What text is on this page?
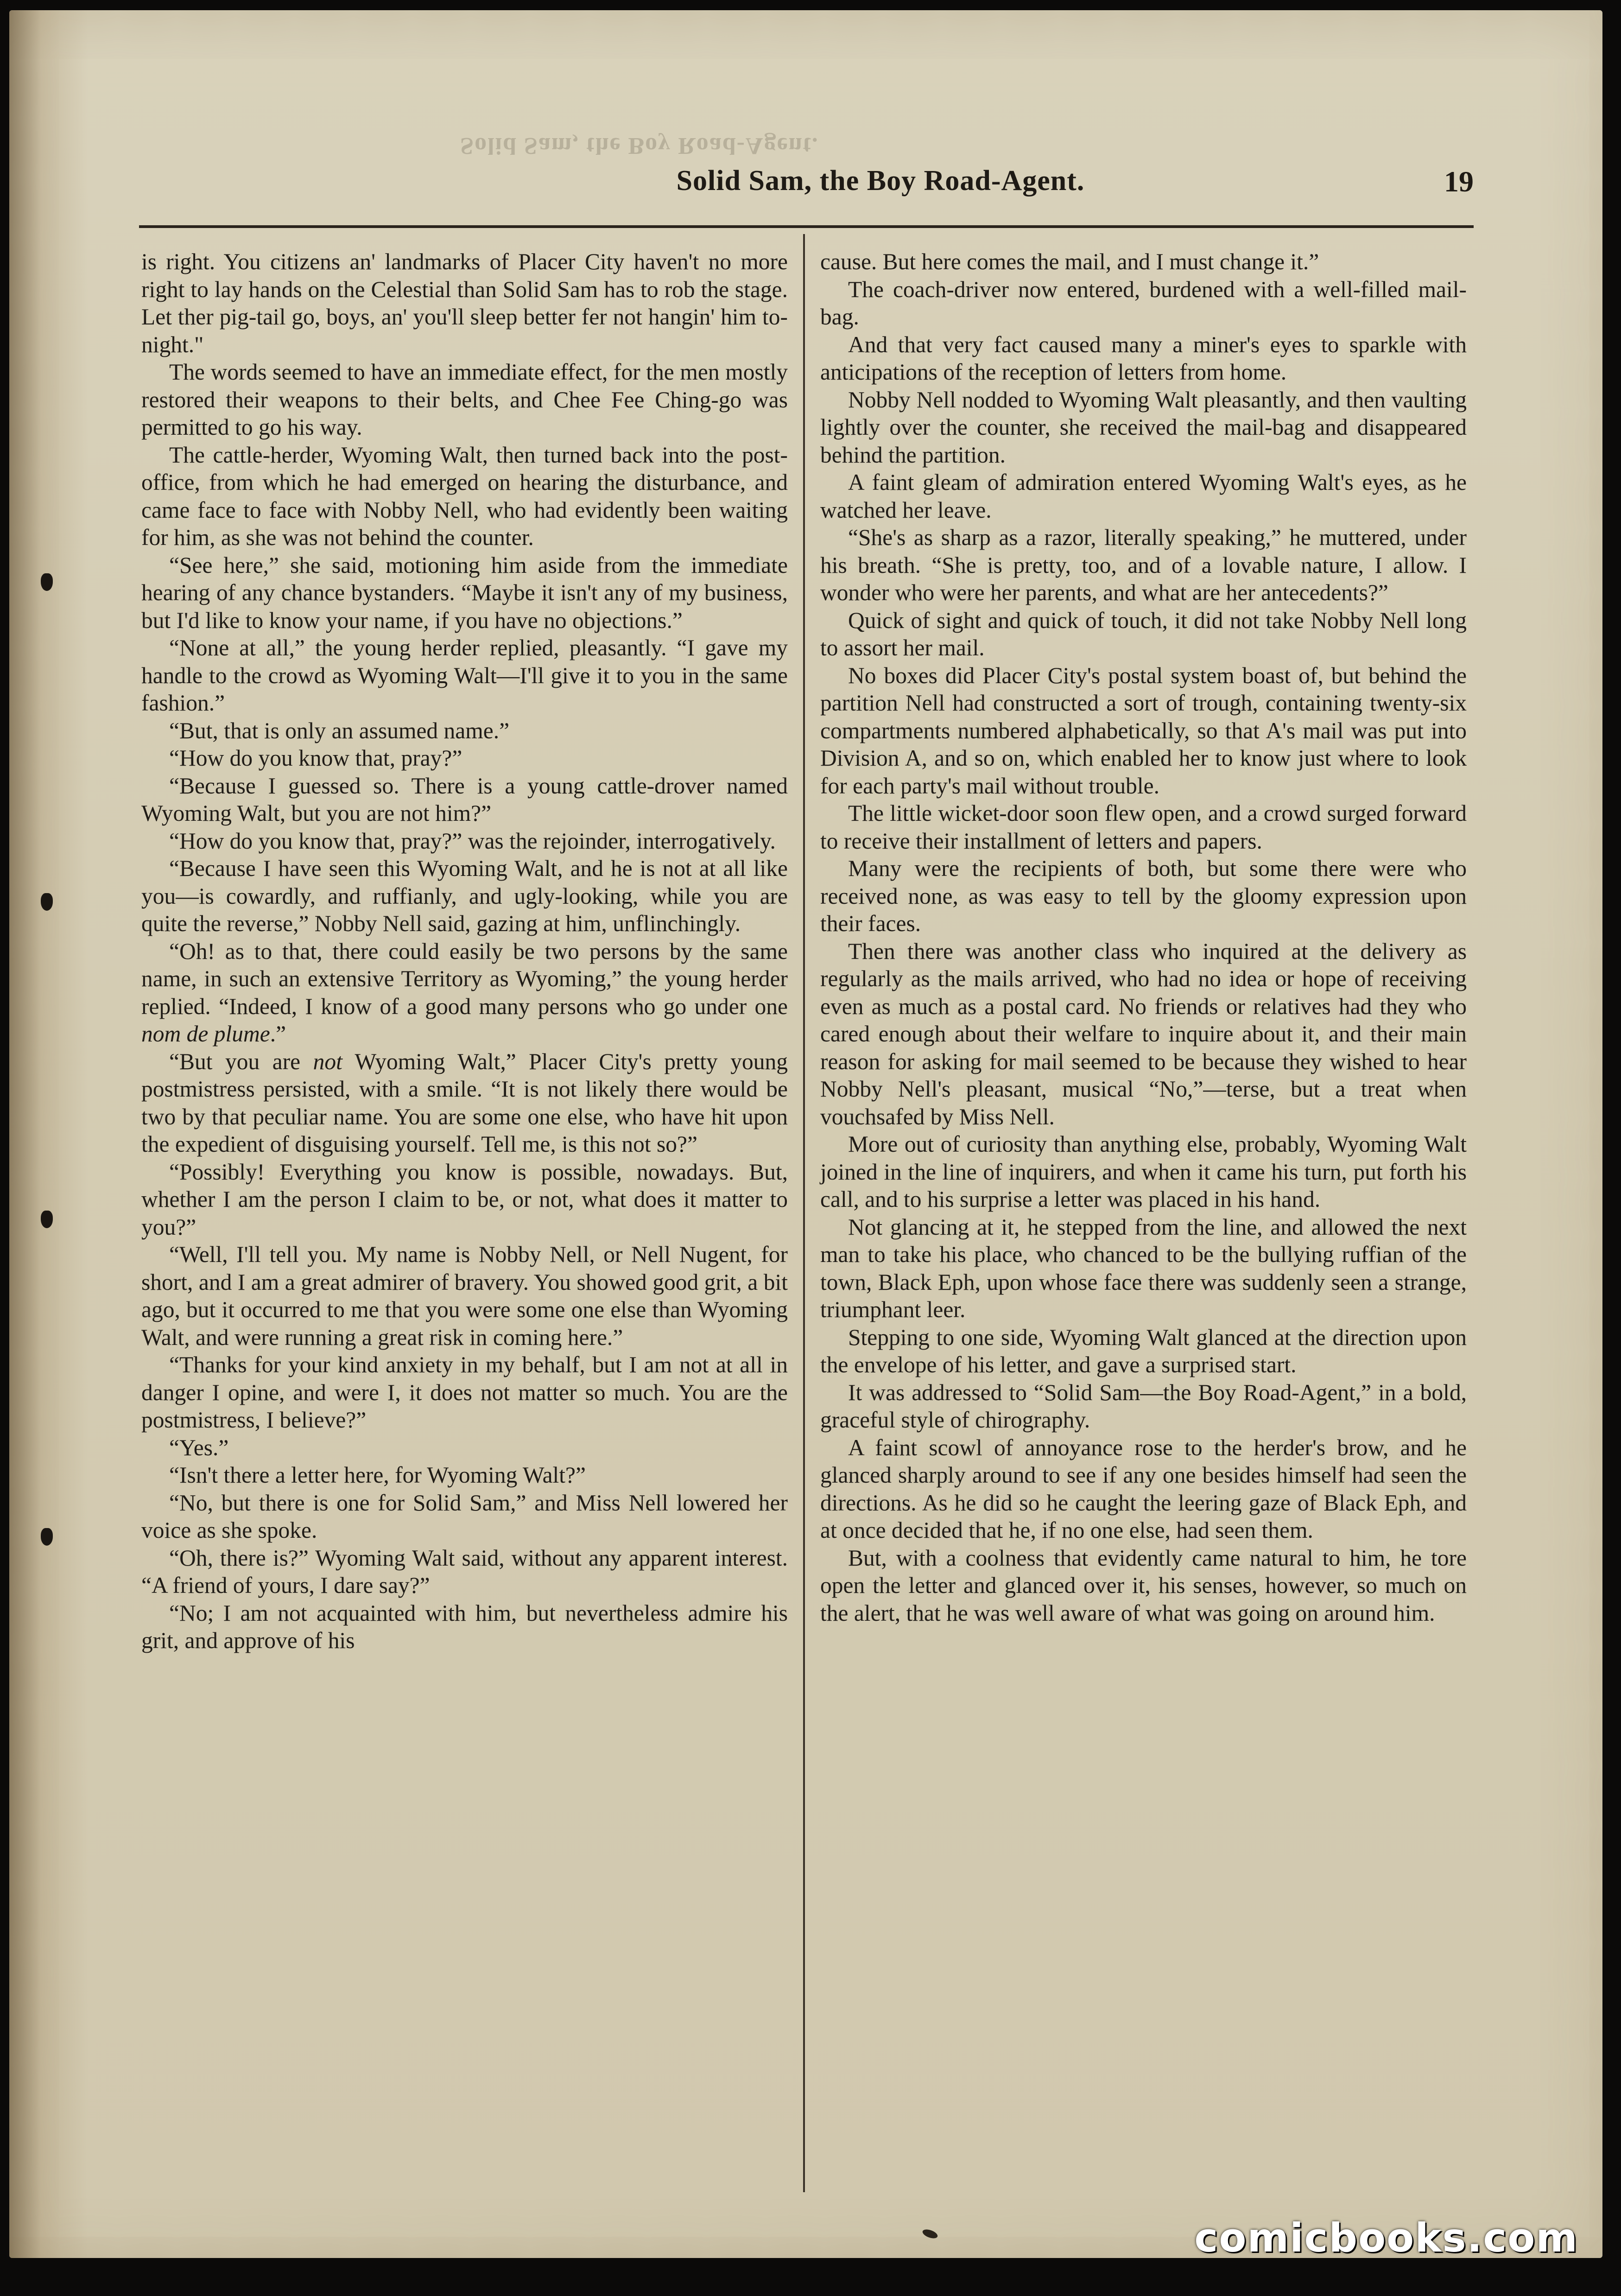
Solid Sam, the Boy Road-Agent.
Solid Sam, the Boy Road-Agent.	19

is right. You citizens an' landmarks of Placer City haven't no more right to lay hands on the Celestial than Solid Sam has to rob the stage. Let ther pig-tail go, boys, an' you'll sleep better fer not hangin' him to-night."

The words seemed to have an immediate effect, for the men mostly restored their weapons to their belts, and Chee Fee Ching-go was permitted to go his way.

The cattle-herder, Wyoming Walt, then turned back into the post-office, from which he had emerged on hearing the disturbance, and came face to face with Nobby Nell, who had evidently been waiting for him, as she was not behind the counter.

“See here,” she said, motioning him aside from the immediate hearing of any chance bystanders. “Maybe it isn't any of my business, but I'd like to know your name, if you have no objections.”

“None at all,” the young herder replied, pleasantly. “I gave my handle to the crowd as Wyoming Walt—I'll give it to you in the same fashion.”

“But, that is only an assumed name.”

“How do you know that, pray?”

“Because I guessed so. There is a young cattle-drover named Wyoming Walt, but you are not him?”

“How do you know that, pray?” was the rejoinder, interrogatively.

“Because I have seen this Wyoming Walt, and he is not at all like you—is cowardly, and ruffianly, and ugly-looking, while you are quite the reverse,” Nobby Nell said, gazing at him, unflinchingly.

“Oh! as to that, there could easily be two persons by the same name, in such an extensive Territory as Wyoming,” the young herder replied. “Indeed, I know of a good many persons who go under one nom de plume.”

“But you are not Wyoming Walt,” Placer City's pretty young postmistress persisted, with a smile. “It is not likely there would be two by that peculiar name. You are some one else, who have hit upon the expedient of disguising yourself. Tell me, is this not so?”

“Possibly! Everything you know is possible, nowadays. But, whether I am the person I claim to be, or not, what does it matter to you?”

“Well, I'll tell you. My name is Nobby Nell, or Nell Nugent, for short, and I am a great admirer of bravery. You showed good grit, a bit ago, but it occurred to me that you were some one else than Wyoming Walt, and were running a great risk in coming here.”

“Thanks for your kind anxiety in my behalf, but I am not at all in danger I opine, and were I, it does not matter so much. You are the postmistress, I believe?”

“Yes.”

“Isn't there a letter here, for Wyoming Walt?”

“No, but there is one for Solid Sam,” and Miss Nell lowered her voice as she spoke.

“Oh, there is?” Wyoming Walt said, without any apparent interest. “A friend of yours, I dare say?”

“No; I am not acquainted with him, but nevertheless admire his grit, and approve of his

cause. But here comes the mail, and I must change it.”

The coach-driver now entered, burdened with a well-filled mail-bag.

And that very fact caused many a miner's eyes to sparkle with anticipations of the reception of letters from home.

Nobby Nell nodded to Wyoming Walt pleasantly, and then vaulting lightly over the counter, she received the mail-bag and disappeared behind the partition.

A faint gleam of admiration entered Wyoming Walt's eyes, as he watched her leave.

“She's as sharp as a razor, literally speaking,” he muttered, under his breath. “She is pretty, too, and of a lovable nature, I allow. I wonder who were her parents, and what are her antecedents?”

Quick of sight and quick of touch, it did not take Nobby Nell long to assort her mail.

No boxes did Placer City's postal system boast of, but behind the partition Nell had constructed a sort of trough, containing twenty-six compartments numbered alphabetically, so that A's mail was put into Division A, and so on, which enabled her to know just where to look for each party's mail without trouble.

The little wicket-door soon flew open, and a crowd surged forward to receive their installment of letters and papers.

Many were the recipients of both, but some there were who received none, as was easy to tell by the gloomy expression upon their faces.

Then there was another class who inquired at the delivery as regularly as the mails arrived, who had no idea or hope of receiving even as much as a postal card. No friends or relatives had they who cared enough about their welfare to inquire about it, and their main reason for asking for mail seemed to be because they wished to hear Nobby Nell's pleasant, musical “No,”—terse, but a treat when vouchsafed by Miss Nell.

More out of curiosity than anything else, probably, Wyoming Walt joined in the line of inquirers, and when it came his turn, put forth his call, and to his surprise a letter was placed in his hand.

Not glancing at it, he stepped from the line, and allowed the next man to take his place, who chanced to be the bullying ruffian of the town, Black Eph, upon whose face there was suddenly seen a strange, triumphant leer.

Stepping to one side, Wyoming Walt glanced at the direction upon the envelope of his letter, and gave a surprised start.

It was addressed to “Solid Sam—the Boy Road-Agent,” in a bold, graceful style of chirography.

A faint scowl of annoyance rose to the herder's brow, and he glanced sharply around to see if any one besides himself had seen the directions. As he did so he caught the leering gaze of Black Eph, and at once decided that he, if no one else, had seen them.

But, with a coolness that evidently came natural to him, he tore open the letter and glanced over it, his senses, however, so much on the alert, that he was well aware of what was going on around him.

comicbooks.com
